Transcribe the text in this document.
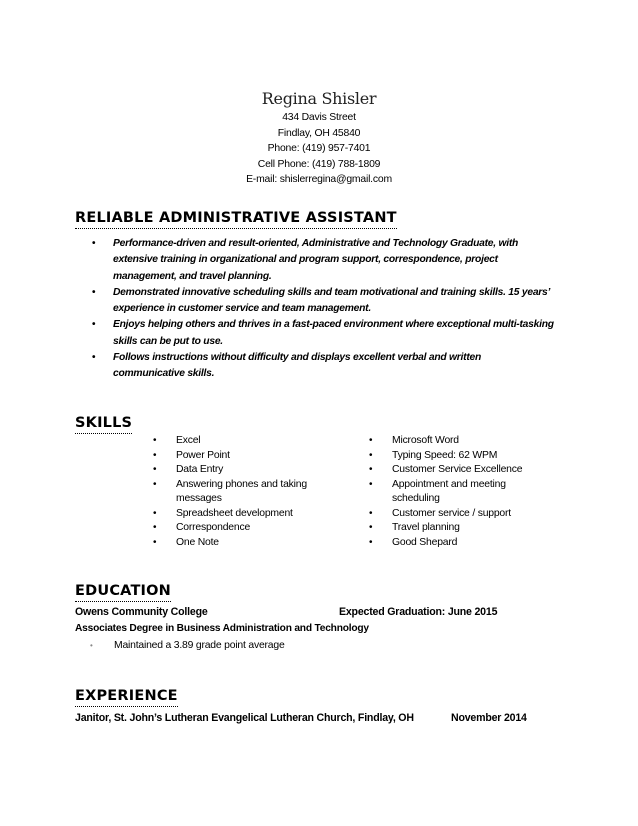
Regina Shisler
434 Davis Street
Findlay, OH 45840
Phone: (419) 957-7401
Cell Phone: (419) 788-1809
E-mail: shislerregina@gmail.com
RELIABLE ADMINISTRATIVE ASSISTANT
• Performance-driven and result-oriented, Administrative and Technology Graduate, with
extensive training in organizational and program support, correspondence, project
management, and travel planning.
• Demonstrated innovative scheduling skills and team motivational and training skills. 15 years’
experience in customer service and team management.
• Enjoys helping others and thrives in a fast-paced environment where exceptional multi-tasking
skills can be put to use.
• Follows instructions without difficulty and displays excellent verbal and written
communicative skills.
SKILLS
• Excel
• Power Point
• Data Entry
• Answering phones and taking
messages
• Spreadsheet development
• Correspondence
• One Note
• Microsoft Word
• Typing Speed: 62 WPM
• Customer Service Excellence
• Appointment and meeting
scheduling
• Customer service / support
• Travel planning
• Good Shepard
EDUCATION
Owens Community College	Expected Graduation: June 2015
Associates Degree in Business Administration and Technology
• Maintained a 3.89 grade point average
EXPERIENCE
Janitor, St. John’s Lutheran Evangelical Lutheran Church, Findlay, OH	November 2014
